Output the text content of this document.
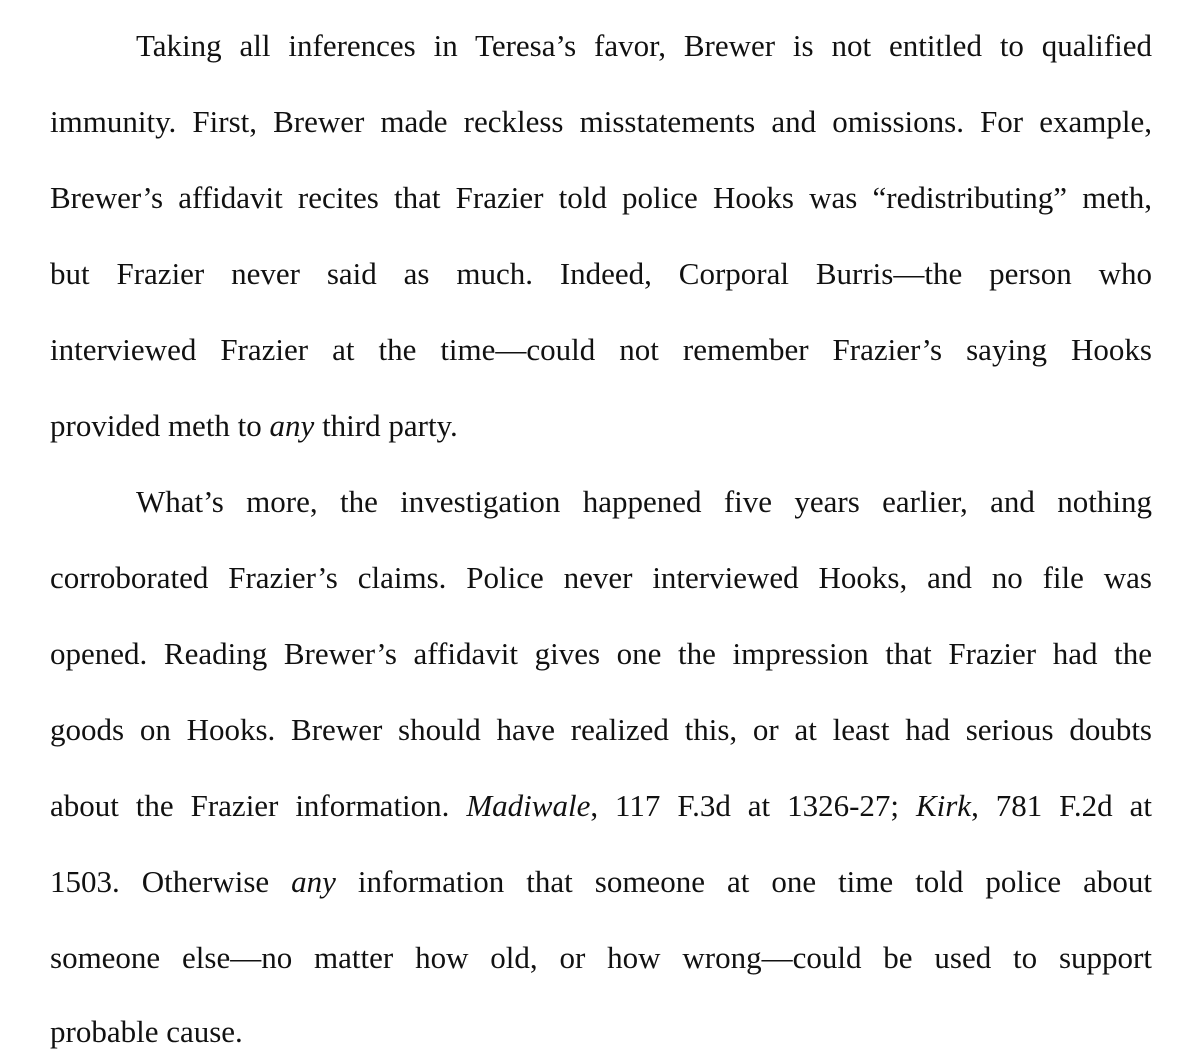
Taking all inferences in Teresa’s favor, Brewer is not entitled to qualified
immunity. First, Brewer made reckless misstatements and omissions. For example,
Brewer’s affidavit recites that Frazier told police Hooks was “redistributing” meth,
but Frazier never said as much. Indeed, Corporal Burris—the person who
interviewed Frazier at the time—could not remember Frazier’s saying Hooks
provided meth to any third party.
What’s more, the investigation happened five years earlier, and nothing
corroborated Frazier’s claims. Police never interviewed Hooks, and no file was
opened. Reading Brewer’s affidavit gives one the impression that Frazier had the
goods on Hooks. Brewer should have realized this, or at least had serious doubts
about the Frazier information. Madiwale, 117 F.3d at 1326-27; Kirk, 781 F.2d at
1503. Otherwise any information that someone at one time told police about
someone else—no matter how old, or how wrong—could be used to support
probable cause.
